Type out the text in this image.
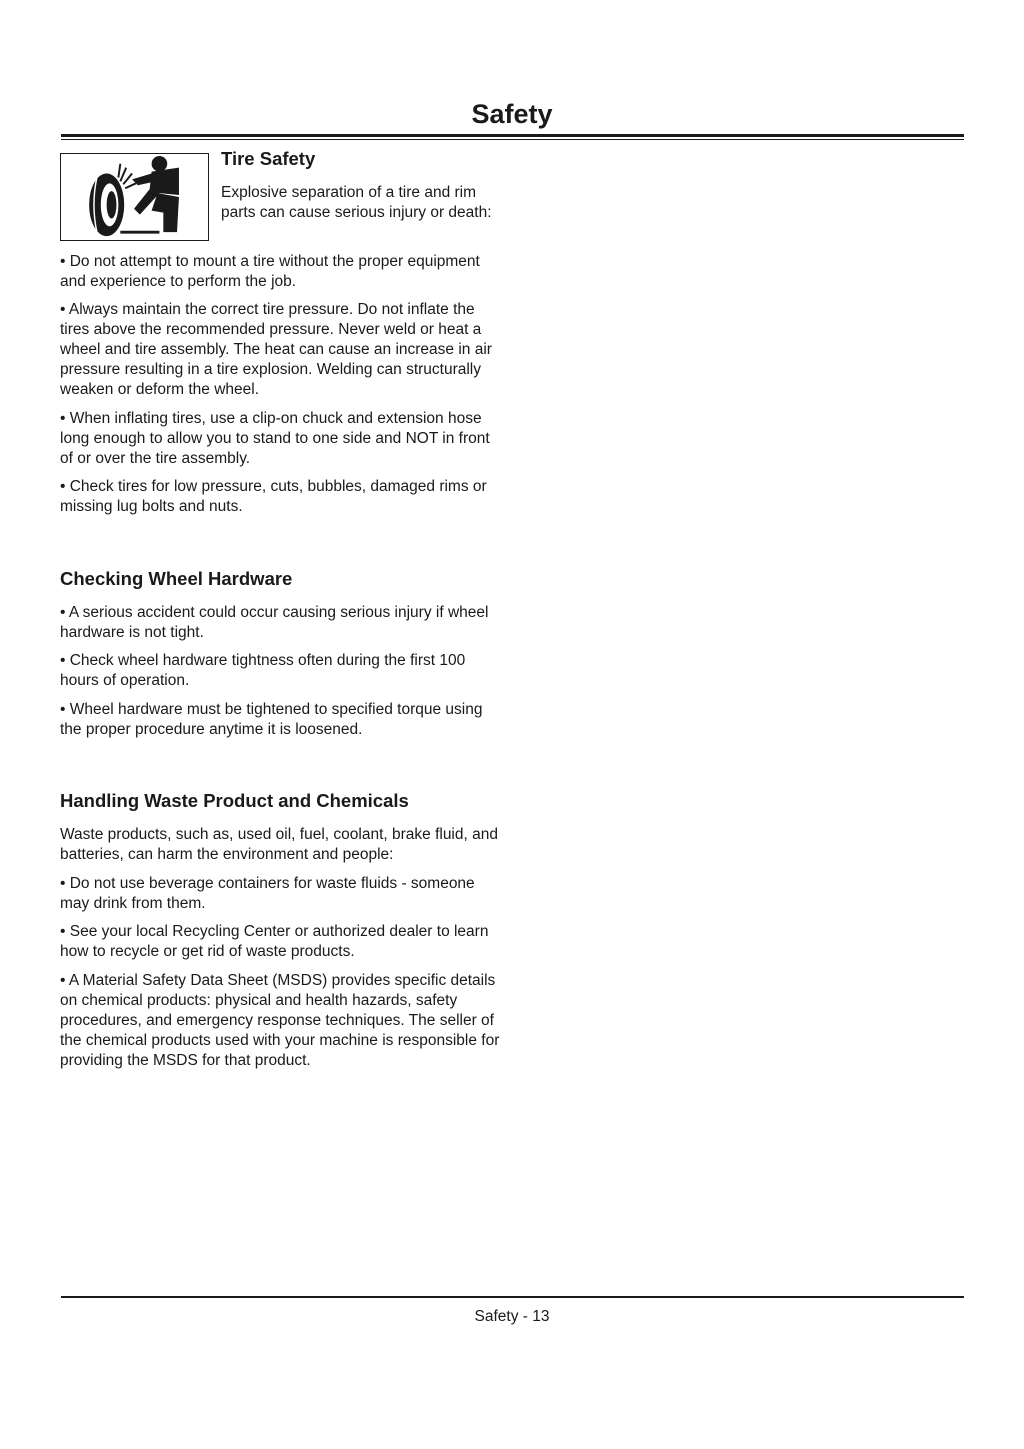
Safety
Tire Safety

Explosive separation of a tire and rim parts can cause serious injury or death:

• Do not attempt to mount a tire without the proper equipment and experience to perform the job.

• Always maintain the correct tire pressure. Do not inflate the tires above the recommended pressure. Never weld or heat a wheel and tire assembly. The heat can cause an increase in air pressure resulting in a tire explosion. Welding can structurally weaken or deform the wheel.

• When inflating tires, use a clip-on chuck and extension hose long enough to allow you to stand to one side and NOT in front of or over the tire assembly.

• Check tires for low pressure, cuts, bubbles, damaged rims or missing lug bolts and nuts.

Checking Wheel Hardware

• A serious accident could occur causing serious injury if wheel hardware is not tight.

• Check wheel hardware tightness often during the first 100 hours of operation.

• Wheel hardware must be tightened to specified torque using the proper procedure anytime it is loosened.

Handling Waste Product and Chemicals

Waste products, such as, used oil, fuel, coolant, brake fluid, and batteries, can harm the environment and people:

• Do not use beverage containers for waste fluids - someone may drink from them.

• See your local Recycling Center or authorized dealer to learn how to recycle or get rid of waste products.

• A Material Safety Data Sheet (MSDS) provides specific details on chemical products: physical and health hazards, safety procedures, and emergency response techniques. The seller of the chemical products used with your machine is responsible for providing the MSDS for that product.

Safety - 13
